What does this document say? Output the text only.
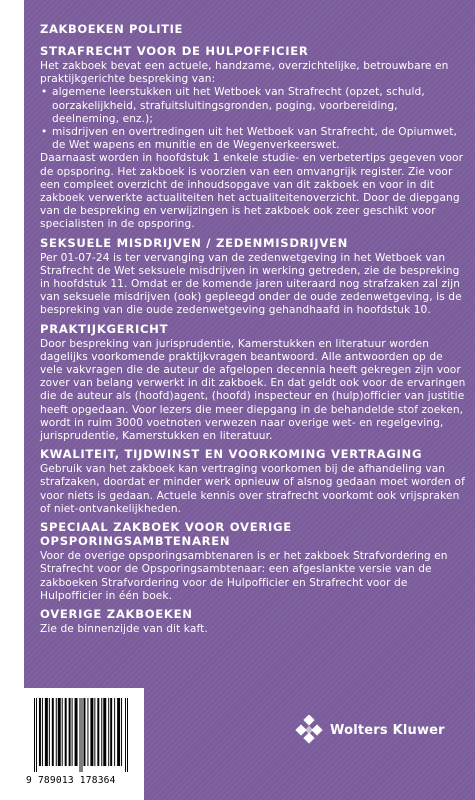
ZAKBOEKEN POLITIE
STRAFRECHT VOOR DE HULPOFFICIER

Het zakboek bevat een actuele, handzame, overzichtelijke, betrouwbare en praktijkgerichte bespreking van:

• algemene leerstukken uit het Wetboek van Strafrecht (opzet, schuld, oorzakelijkheid, strafuitsluitingsgronden, poging, voorbereiding, deelneming, enz.);
• misdrijven en overtredingen uit het Wetboek van Strafrecht, de Opiumwet, de Wet wapens en munitie en de Wegenverkeerswet.

Daarnaast worden in hoofdstuk 1 enkele studie- en verbetertips gegeven voor de opsporing. Het zakboek is voorzien van een omvangrijk register. Zie voor een compleet overzicht de inhoudsopgave van dit zakboek en voor in dit zakboek verwerkte actualiteiten het actualiteitenoverzicht. Door de diepgang van de bespreking en verwijzingen is het zakboek ook zeer geschikt voor specialisten in de opsporing.

SEKSUELE MISDRIJVEN / ZEDENMISDRIJVEN

Per 01-07-24 is ter vervanging van de zedenwetgeving in het Wetboek van Strafrecht de Wet seksuele misdrijven in werking getreden, zie de bespreking in hoofdstuk 11. Omdat er de komende jaren uiteraard nog strafzaken zal zijn van seksuele misdrijven (ook) gepleegd onder de oude zedenwetgeving, is de bespreking van die oude zedenwetgeving gehandhaafd in hoofdstuk 10.

PRAKTIJKGERICHT

Door bespreking van jurisprudentie, Kamerstukken en literatuur worden dagelijks voorkomende praktijkvragen beantwoord. Alle antwoorden op de vele vakvragen die de auteur de afgelopen decennia heeft gekregen zijn voor zover van belang verwerkt in dit zakboek. En dat geldt ook voor de ervaringen die de auteur als (hoofd)agent, (hoofd) inspecteur en (hulp)officier van justitie heeft opgedaan. Voor lezers die meer diepgang in de behandelde stof zoeken, wordt in ruim 3000 voetnoten verwezen naar overige wet- en regelgeving, jurisprudentie, Kamerstukken en literatuur.

KWALITEIT, TIJDWINST EN VOORKOMING VERTRAGING

Gebruik van het zakboek kan vertraging voorkomen bij de afhandeling van strafzaken, doordat er minder werk opnieuw of alsnog gedaan moet worden of voor niets is gedaan. Actuele kennis over strafrecht voorkomt ook vrijspraken of niet-ontvankelijkheden.

SPECIAAL ZAKBOEK VOOR OVERIGE OPSPORINGSAMBTENAREN

Voor de overige opsporingsambtenaren is er het zakboek Strafvordering en Strafrecht voor de Opsporingsambtenaar: een afgeslankte versie van de zakboeken Strafvordering voor de Hulpofficier en Strafrecht voor de Hulpofficier in één boek.

OVERIGE ZAKBOEKEN

Zie de binnenzijde van dit kaft.

9 789013 178364
Wolters Kluwer
